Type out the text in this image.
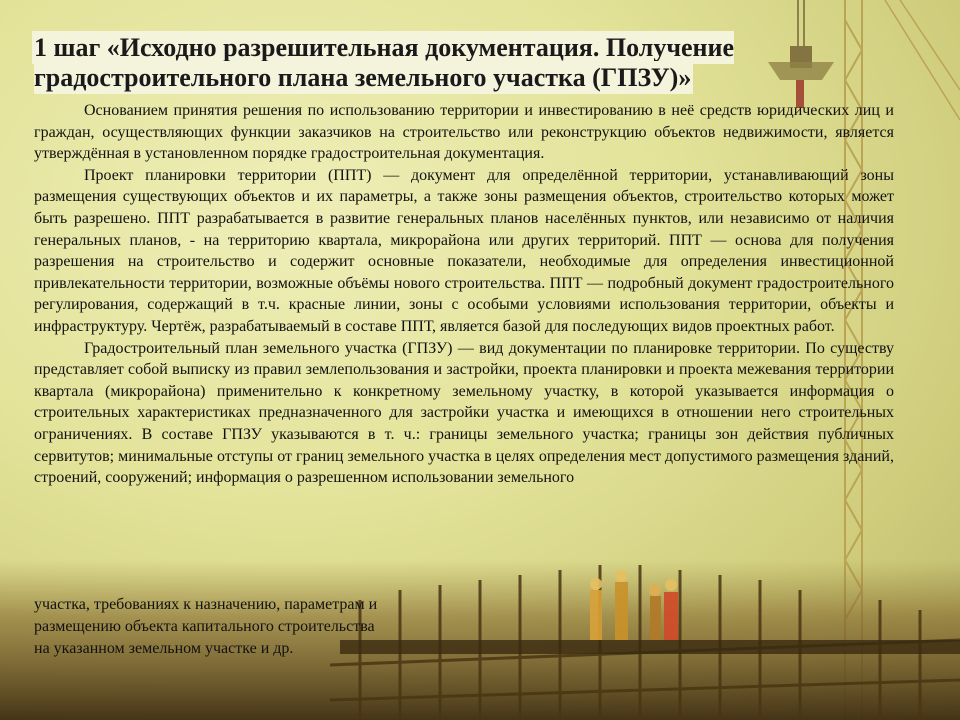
1 шаг «Исходно разрешительная документация. Получение градостроительного плана земельного участка (ГПЗУ)»

Основанием принятия решения по использованию территории и инвестированию в неё средств юридических лиц и граждан, осуществляющих функции заказчиков на строительство или реконструкцию объектов недвижимости, является утверждённая в установленном порядке градостроительная документация.

Проект планировки территории (ППТ) — документ для определённой территории, устанавливающий зоны размещения существующих объектов и их параметры, а также зоны размещения объектов, строительство которых может быть разрешено. ППТ разрабатывается в развитие генеральных планов населённых пунктов, или независимо от наличия генеральных планов, - на территорию квартала, микрорайона или других территорий. ППТ — основа для получения разрешения на строительство и содержит основные показатели, необходимые для определения инвестиционной привлекательности территории, возможные объёмы нового строительства. ППТ — подробный документ градостроительного регулирования, содержащий в т.ч. красные линии, зоны с особыми условиями использования территории, объекты и инфраструктуру. Чертёж, разрабатываемый в составе ППТ, является базой для последующих видов проектных работ.

Градостроительный план земельного участка (ГПЗУ) — вид документации по планировке территории. По существу представляет собой выписку из правил землепользования и застройки, проекта планировки и проекта межевания территории квартала (микрорайона) применительно к конкретному земельному участку, в которой указывается информация о строительных характеристиках предназначенного для застройки участка и имеющихся в отношении него строительных ограничениях. В составе ГПЗУ указываются в т. ч.: границы земельного участка; границы зон действия публичных сервитутов; минимальные отступы от границ земельного участка в целях определения мест допустимого размещения зданий, строений, сооружений; информация о разрешенном использовании земельного

участка, требованиях к назначению, параметрам и
размещению объекта капитального строительства
на указанном земельном участке и др.
